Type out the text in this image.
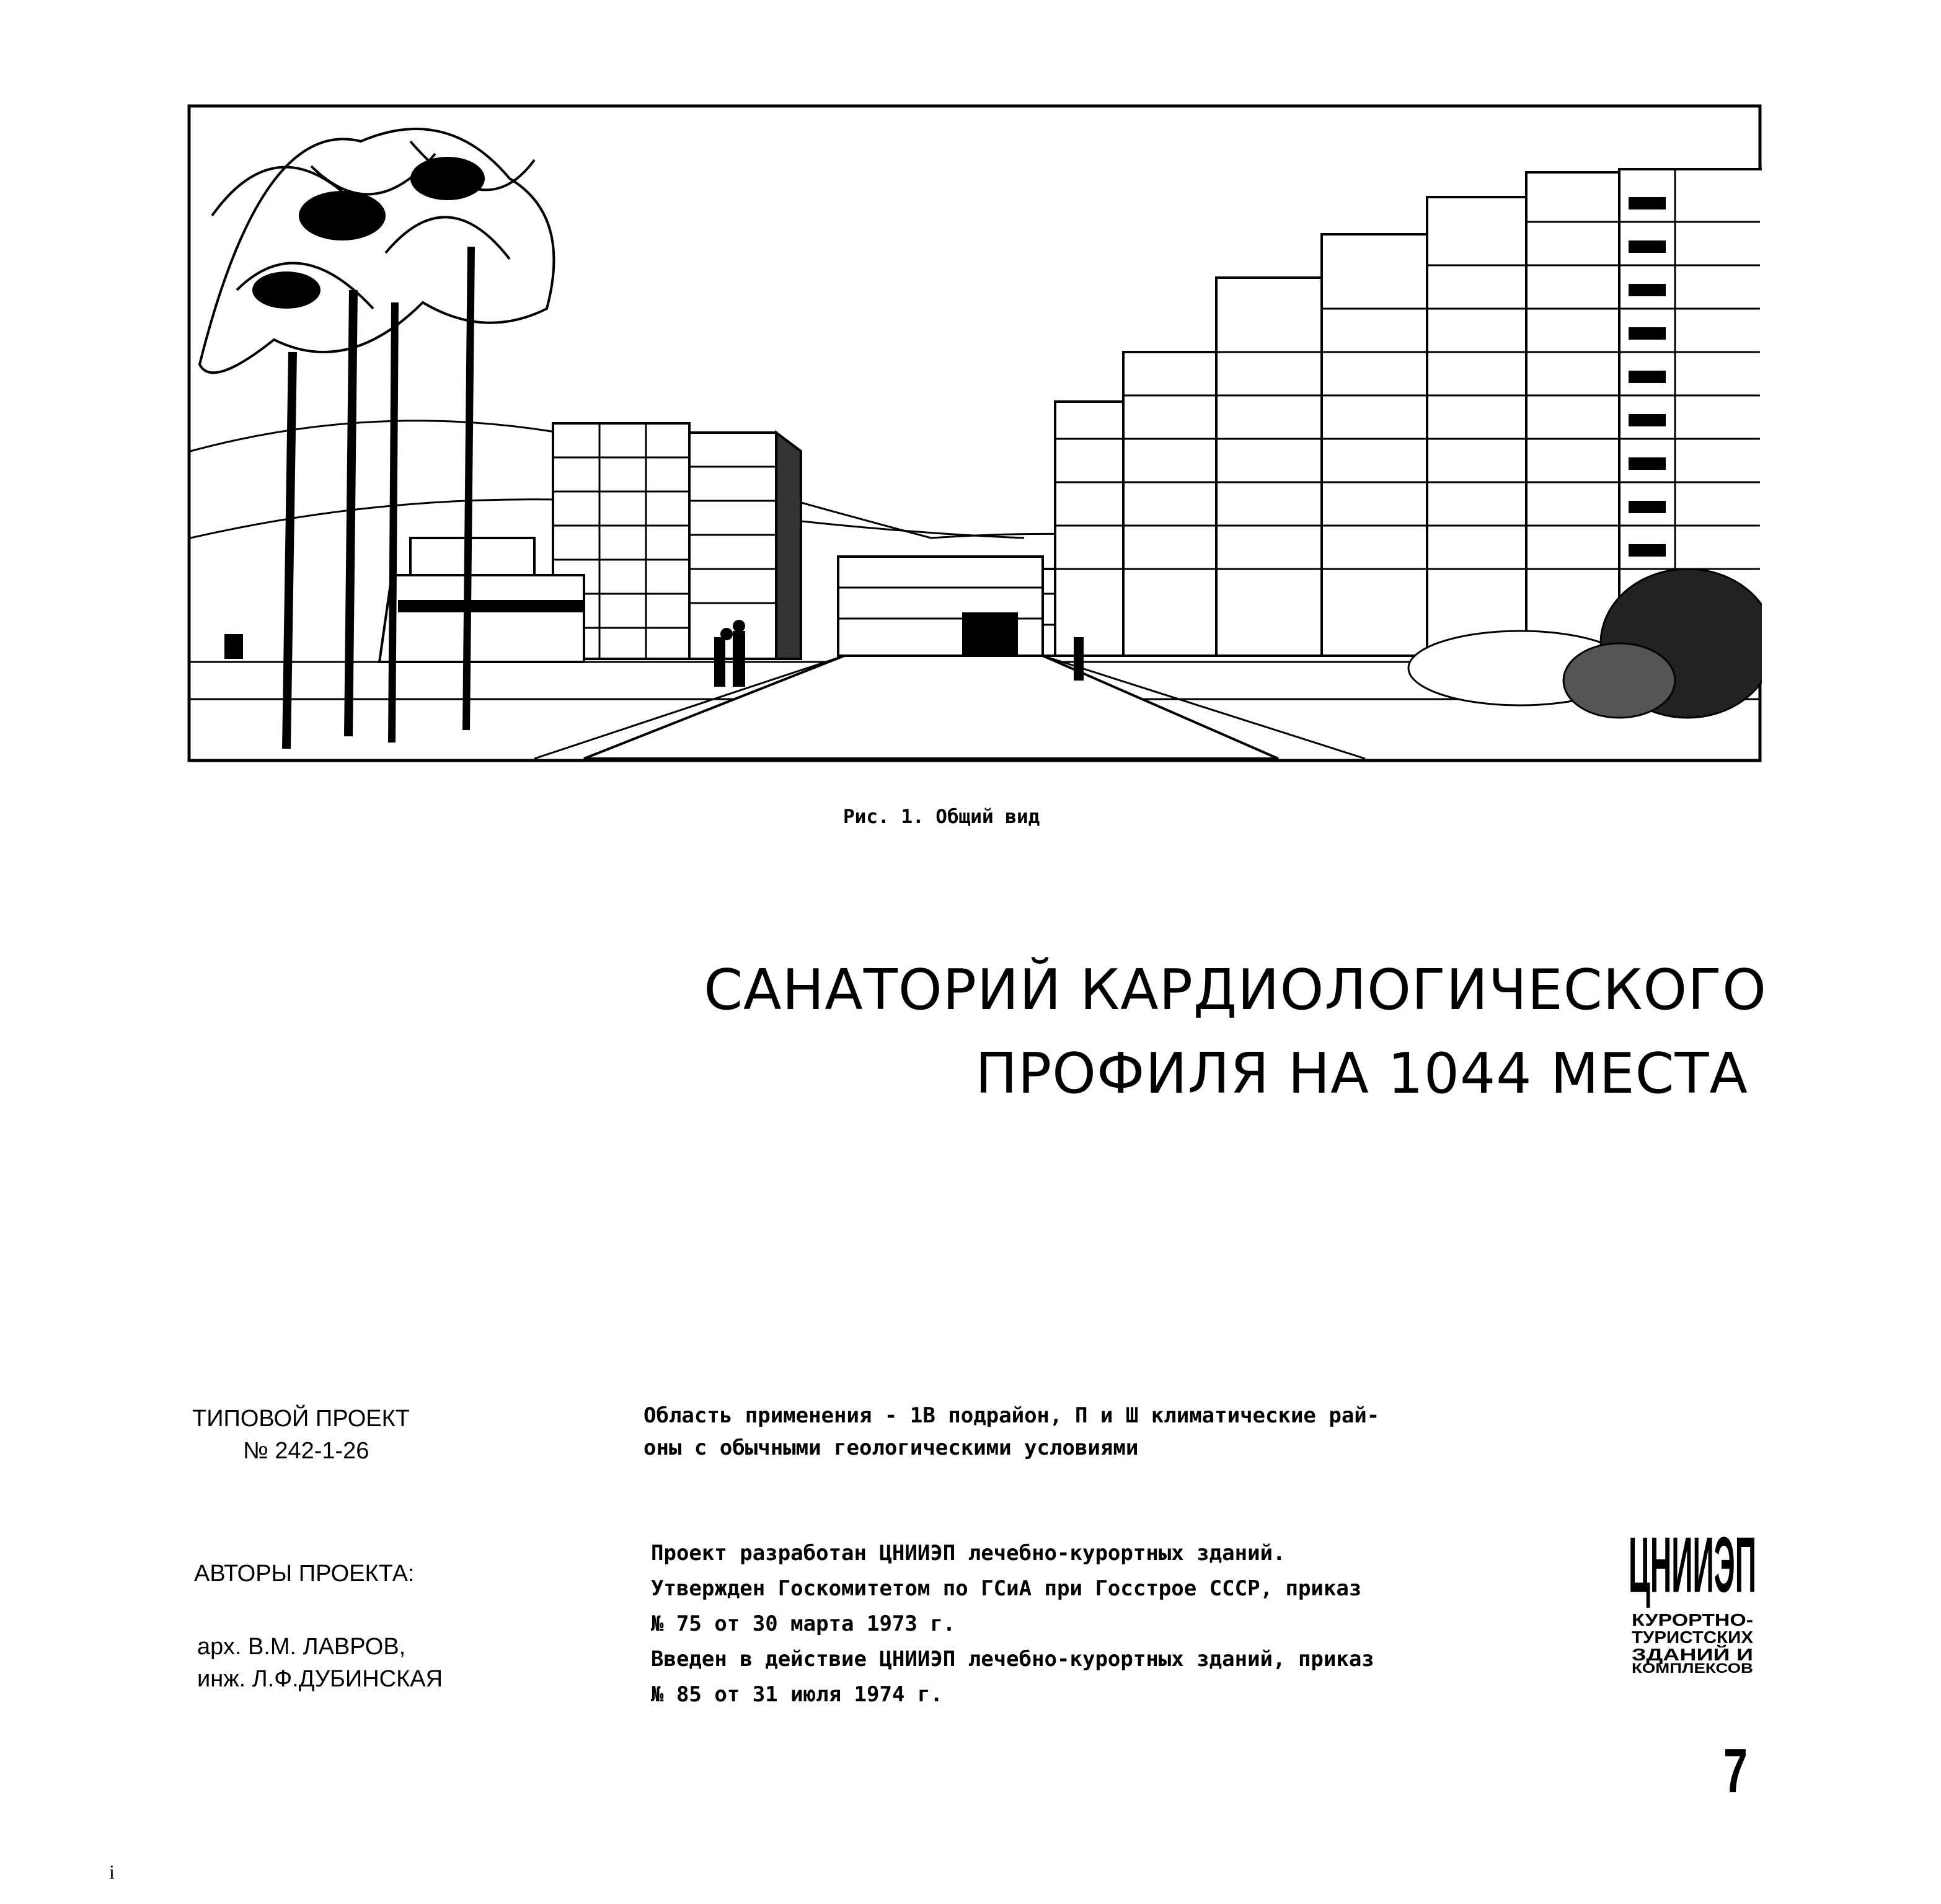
Рис. 1. Общий вид
САНАТОРИЙ КАРДИОЛОГИЧЕСКОГО
ПРОФИЛЯ НА 1044 МЕСТА
ТИПОВОЙ ПРОЕКТ
№ 242-1-26
АВТОРЫ ПРОЕКТА:
арх. В.М. ЛАВРОВ,
инж. Л.Ф.ДУБИНСКАЯ
Область применения - 1В подрайон, П и Ш климатические рай-
оны с обычными геологическими условиями
Проект разработан ЦНИИЭП лечебно-курортных зданий.
Утвержден Госкомитетом по ГСиА при Госстрое СССР, приказ
№ 75 от 30 марта 1973 г.
Введен в действие ЦНИИЭП лечебно-курортных зданий, приказ
№ 85 от 31 июля 1974 г.
ЦНИИЭП
КУРОРТНО-
ТУРИСТСКИХ
ЗДАНИЙ И
КОМПЛЕКСОВ
7
i
